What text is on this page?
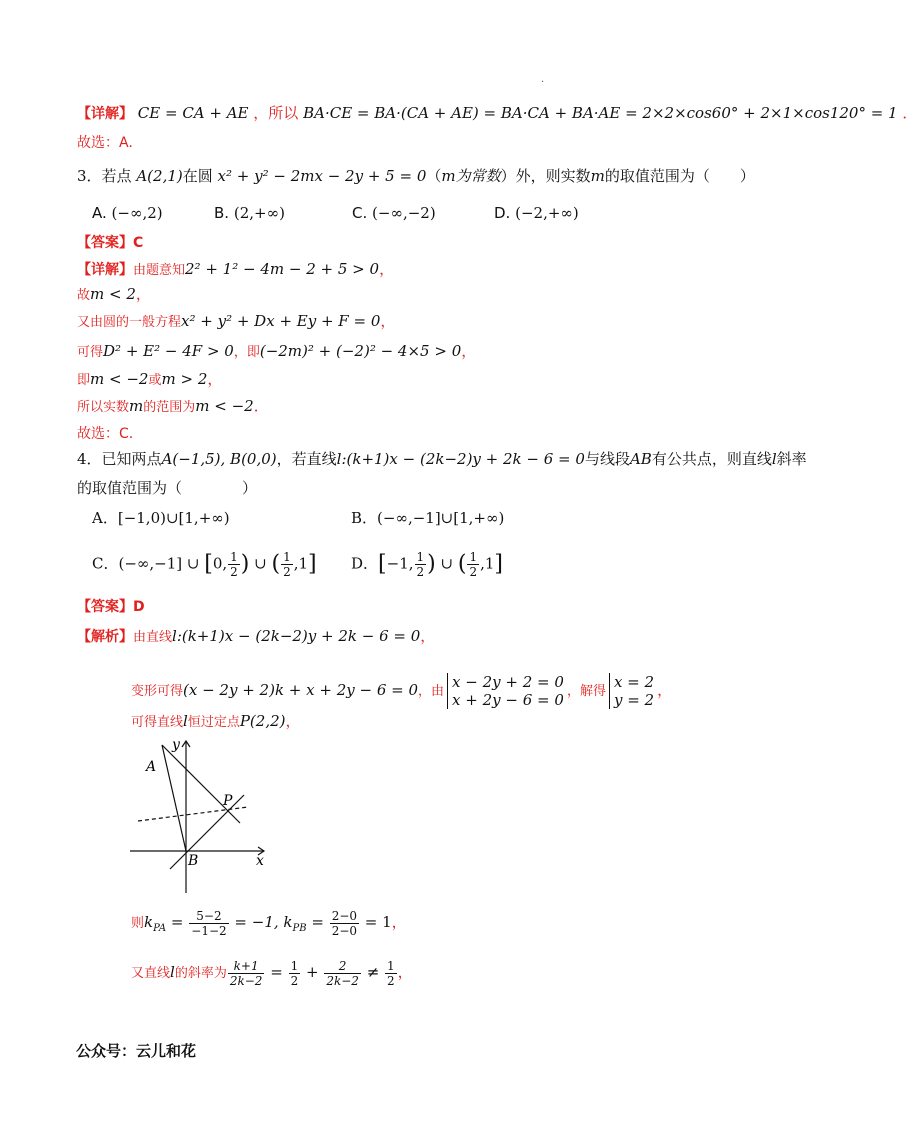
.
【详解】 CE = CA + AE ，所以 BA·CE = BA·(CA + AE) = BA·CA + BA·AE = 2×2×cos60° + 2×1×cos120° = 1 ．
故选：A.
3．若点 A(2,1)在圆 x² + y² − 2mx − 2y + 5 = 0（m为常数）外，则实数m的取值范围为（　　）
A. (−∞,2)	B. (2,+∞)	C. (−∞,−2)	D. (−2,+∞)
【答案】C
【详解】由题意知2² + 1² − 4m − 2 + 5 > 0，
故m < 2，
又由圆的一般方程x² + y² + Dx + Ey + F = 0，
可得D² + E² − 4F > 0，即(−2m)² + (−2)² − 4×5 > 0，
即m < −2或m > 2，
所以实数m的范围为m < −2．
故选：C.
4．已知两点A(−1,5), B(0,0)，若直线l:(k+1)x − (2k−2)y + 2k − 6 = 0与线段AB有公共点，则直线l斜率
的取值范围为（　　　　）
A．[−1,0)∪[1,+∞)	B．(−∞,−1]∪[1,+∞)
C．(−∞,−1] ∪ [0, $\frac{1}{2}$ ) ∪ ( $\frac{1}{2} ,1$] D．[−1, $\frac{1}{2}$ ) ∪ ( $\frac{1}{2} ,1$]
【答案】D
【解析】由直线l:(k+1)x − (2k−2)y + 2k − 6 = 0，
变形可得(x − 2y + 2)k + x + 2y − 6 = 0，由
x − 2y + 2 = 0
x + 2y − 6 = 0 ，解得
x = 2
y = 2
，
可得直线l恒过定点P(2,2)，
A
P
B	x
y
则$k_{PA} = \frac{5-2}{-1-2} = -1$, $k_{PB} = \frac{2-0}{2-0} = 1$，
又直线l的斜率为 $\frac{k+1}{2k-2} = \frac{1}{2} + \frac{2}{2k-2} \ne \frac{1}{2}$ ，
公众号：云儿和花
